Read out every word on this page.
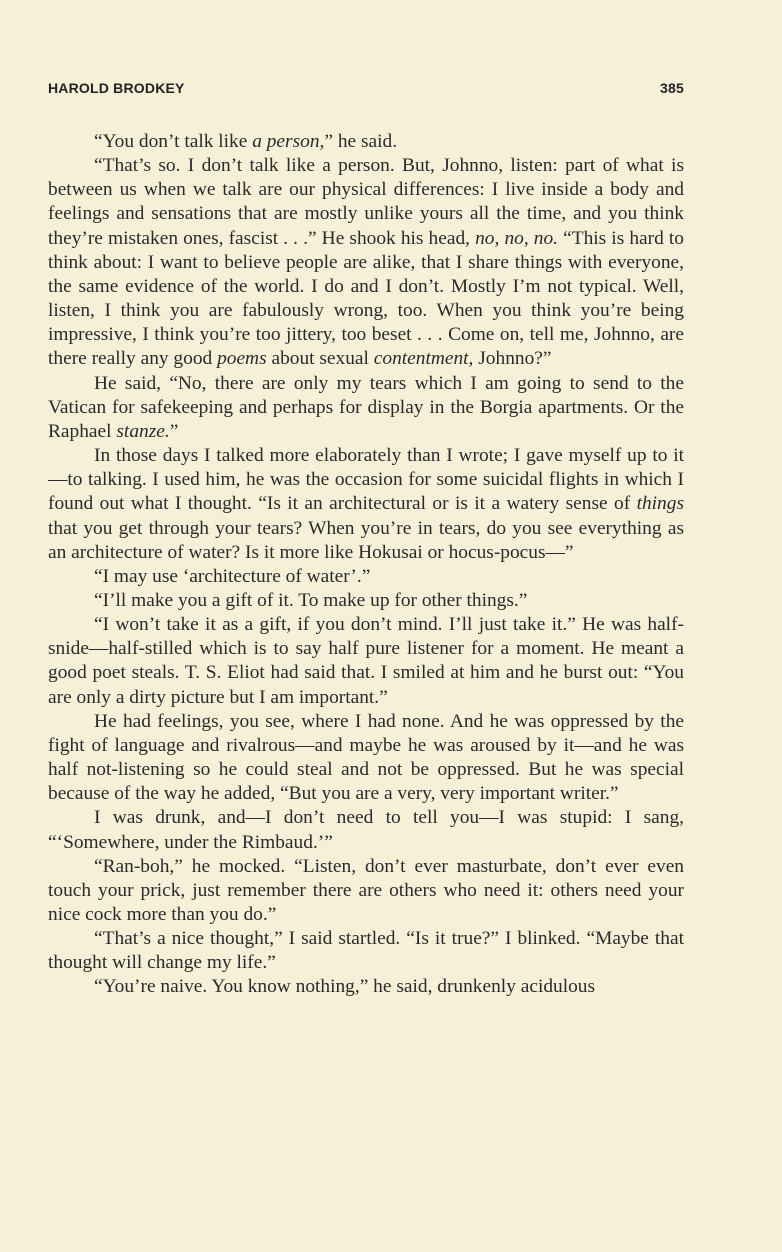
HAROLD BRODKEY	385

“You don’t talk like a person,” he said.

“That’s so. I don’t talk like a person. But, Johnno, listen: part of what is between us when we talk are our physical differences: I live inside a body and feelings and sensations that are mostly unlike yours all the time, and you think they’re mistaken ones, fascist . . .” He shook his head, no, no, no. “This is hard to think about: I want to believe people are alike, that I share things with everyone, the same evidence of the world. I do and I don’t. Mostly I’m not typical. Well, listen, I think you are fabulously wrong, too. When you think you’re being impressive, I think you’re too jittery, too beset . . . Come on, tell me, Johnno, are there really any good poems about sexual contentment, Johnno?”

He said, “No, there are only my tears which I am going to send to the Vatican for safekeeping and perhaps for display in the Borgia apartments. Or the Raphael stanze.”

In those days I talked more elaborately than I wrote; I gave myself up to it—to talking. I used him, he was the occasion for some suicidal flights in which I found out what I thought. “Is it an architectural or is it a watery sense of things that you get through your tears? When you’re in tears, do you see everything as an architecture of water? Is it more like Hokusai or hocus-pocus—”

“I may use ‘architecture of water’.”

“I’ll make you a gift of it. To make up for other things.”

“I won’t take it as a gift, if you don’t mind. I’ll just take it.” He was half-snide—half-stilled which is to say half pure listener for a moment. He meant a good poet steals. T. S. Eliot had said that. I smiled at him and he burst out: “You are only a dirty picture but I am important.”

He had feelings, you see, where I had none. And he was oppressed by the fight of language and rivalrous—and maybe he was aroused by it—and he was half not-listening so he could steal and not be oppressed. But he was special because of the way he added, “But you are a very, very important writer.”

I was drunk, and—I don’t need to tell you—I was stupid: I sang, “‘Somewhere, under the Rimbaud.’”

“Ran-boh,” he mocked. “Listen, don’t ever masturbate, don’t ever even touch your prick, just remember there are others who need it: others need your nice cock more than you do.”

“That’s a nice thought,” I said startled. “Is it true?” I blinked. “Maybe that thought will change my life.”

“You’re naive. You know nothing,” he said, drunkenly acidulous
